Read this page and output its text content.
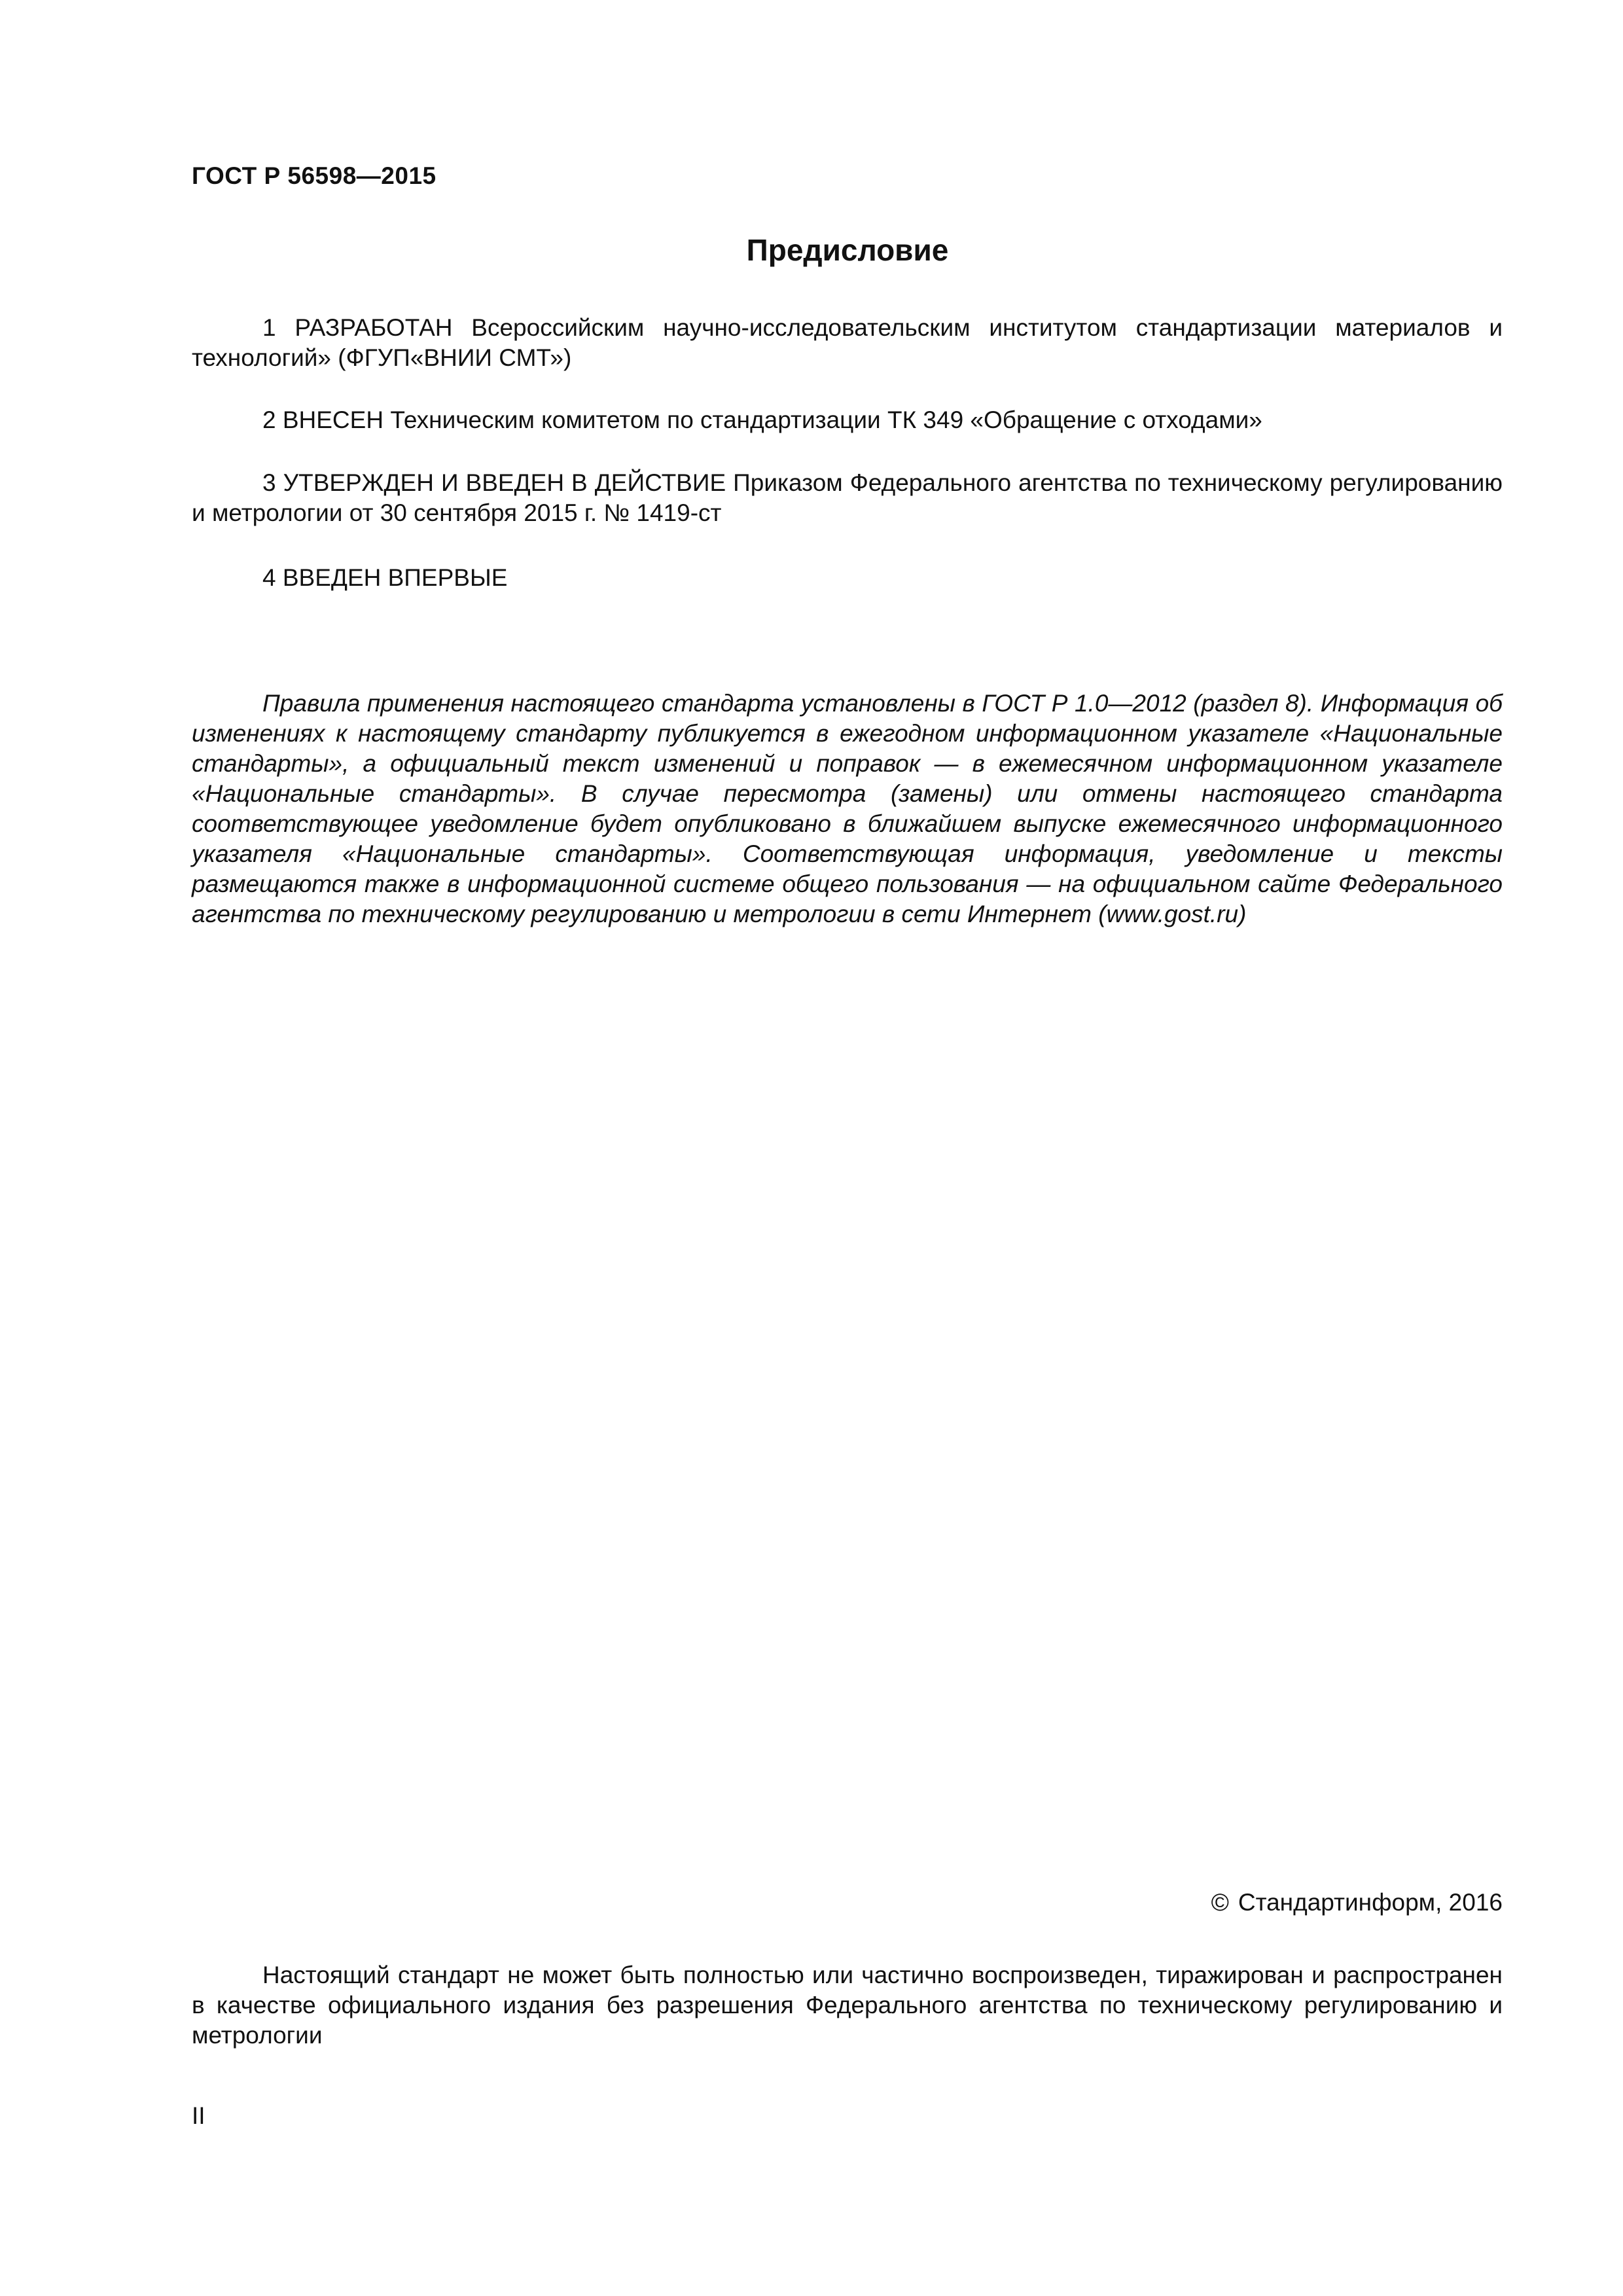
ГОСТ Р 56598—2015
Предисловие
1 РАЗРАБОТАН Всероссийским научно-исследовательским институтом стандартизации материалов и технологий» (ФГУП«ВНИИ СМТ»)
2 ВНЕСЕН Техническим комитетом по стандартизации ТК 349 «Обращение с отходами»
3 УТВЕРЖДЕН И ВВЕДЕН В ДЕЙСТВИЕ Приказом Федерального агентства по техническому регулированию и метрологии от 30 сентября 2015 г. № 1419-ст
4 ВВЕДЕН ВПЕРВЫЕ
Правила применения настоящего стандарта установлены в ГОСТ Р 1.0—2012 (раздел 8). Информация об изменениях к настоящему стандарту публикуется в ежегодном информационном указателе «Национальные стандарты», а официальный текст изменений и поправок — в ежемесячном информационном указателе «Национальные стандарты». В случае пересмотра (замены) или отмены настоящего стандарта соответствующее уведомление будет опубликовано в ближайшем выпуске ежемесячного информационного указателя «Национальные стандарты». Соответствующая информация, уведомление и тексты размещаются также в информационной системе общего пользования — на официальном сайте Федерального агентства по техническому регулированию и метрологии в сети Интернет (www.gost.ru)
© Стандартинформ, 2016
Настоящий стандарт не может быть полностью или частично воспроизведен, тиражирован и распространен в качестве официального издания без разрешения Федерального агентства по техническому регулированию и метрологии
II
